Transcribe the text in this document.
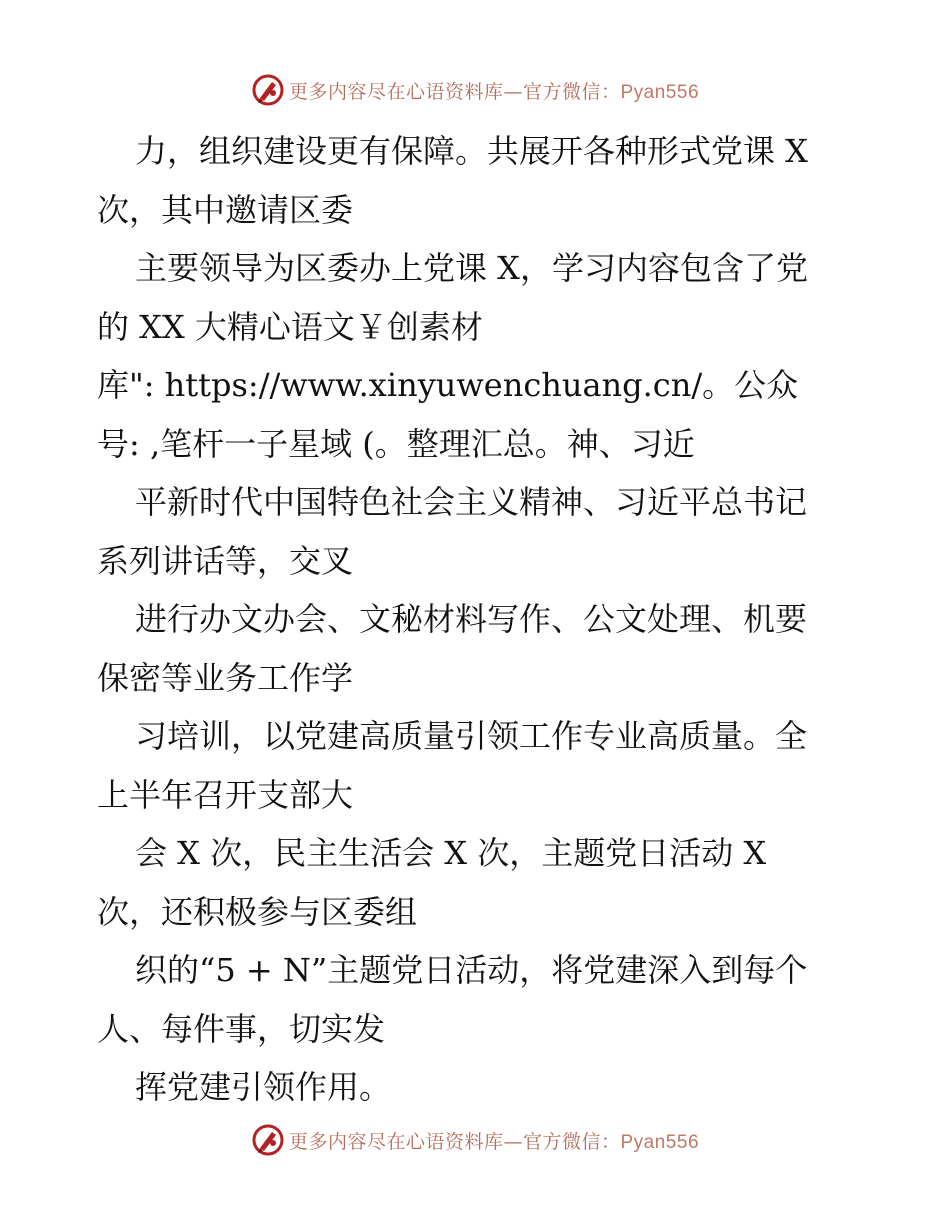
更多内容尽在心语资料库—官方微信：Pyan556
力，组织建设更有保障。共展开各种形式党课 X
次，其中邀请区委
主要领导为区委办上党课 X，学习内容包含了党
的 XX 大精心语文￥创素材
库": https://www.xinyuwenchuang.cn/。公众
号: ,笔杆一子星域 (。整理汇总。神、习近
平新时代中国特色社会主义精神、习近平总书记
系列讲话等，交叉
进行办文办会、文秘材料写作、公文处理、机要
保密等业务工作学
习培训，以党建高质量引领工作专业高质量。全
上半年召开支部大
会 X 次，民主生活会 X 次，主题党日活动 X
次，还积极参与区委组
织的“5 + N”主题党日活动，将党建深入到每个
人、每件事，切实发
挥党建引领作用。
更多内容尽在心语资料库—官方微信：Pyan556
